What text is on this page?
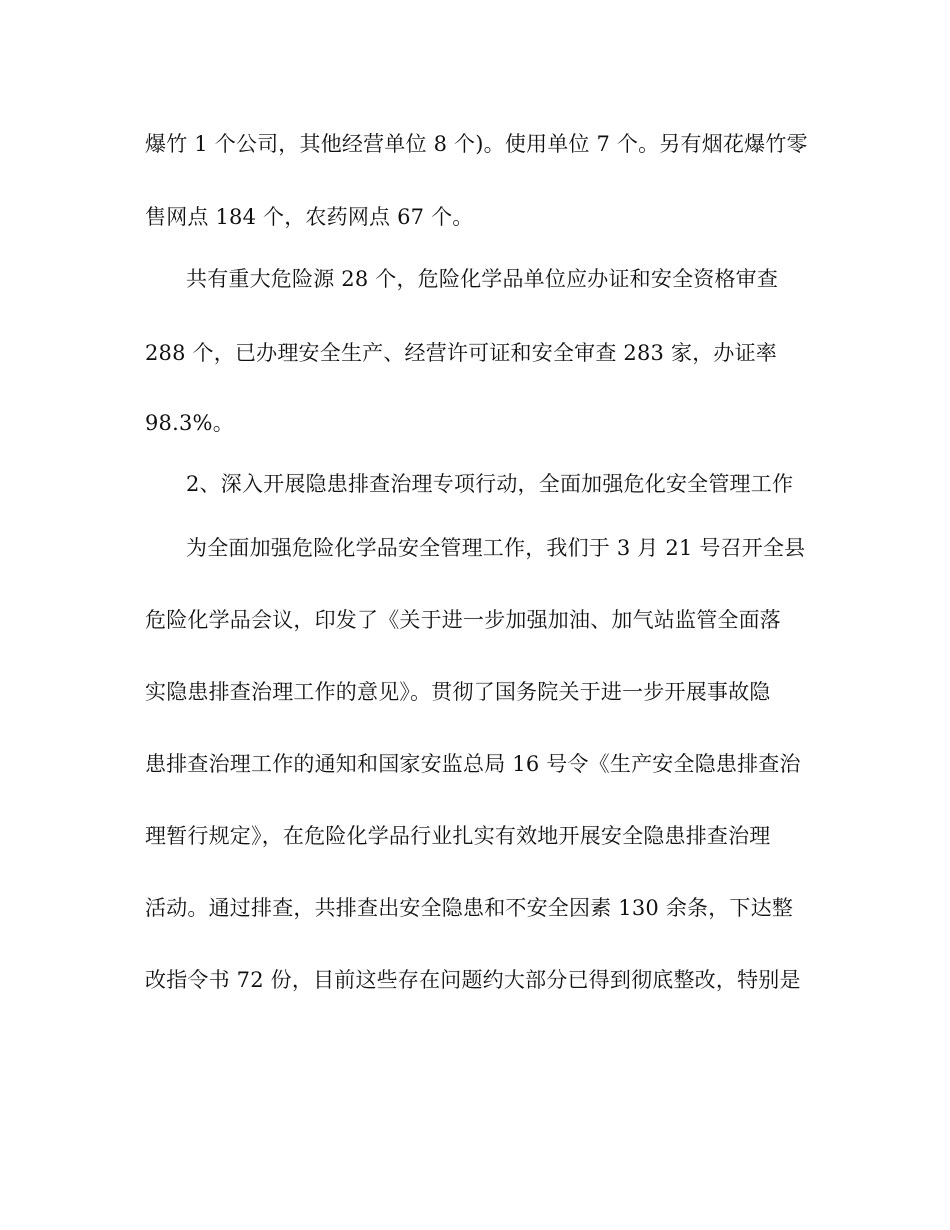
爆竹 1 个公司，其他经营单位 8 个)。使用单位 7 个。另有烟花爆竹零
售网点 184 个，农药网点 67 个。
共有重大危险源 28 个，危险化学品单位应办证和安全资格审查
288 个，已办理安全生产、经营许可证和安全审查 283 家，办证率
98.3%。
2、深入开展隐患排查治理专项行动，全面加强危化安全管理工作
为全面加强危险化学品安全管理工作，我们于 3 月 21 号召开全县
危险化学品会议，印发了《关于进一步加强加油、加气站监管全面落
实隐患排查治理工作的意见》。贯彻了国务院关于进一步开展事故隐
患排查治理工作的通知和国家安监总局 16 号令《生产安全隐患排查治
理暂行规定》，在危险化学品行业扎实有效地开展安全隐患排查治理
活动。通过排查，共排查出安全隐患和不安全因素 130 余条，下达整
改指令书 72 份，目前这些存在问题约大部分已得到彻底整改，特别是
